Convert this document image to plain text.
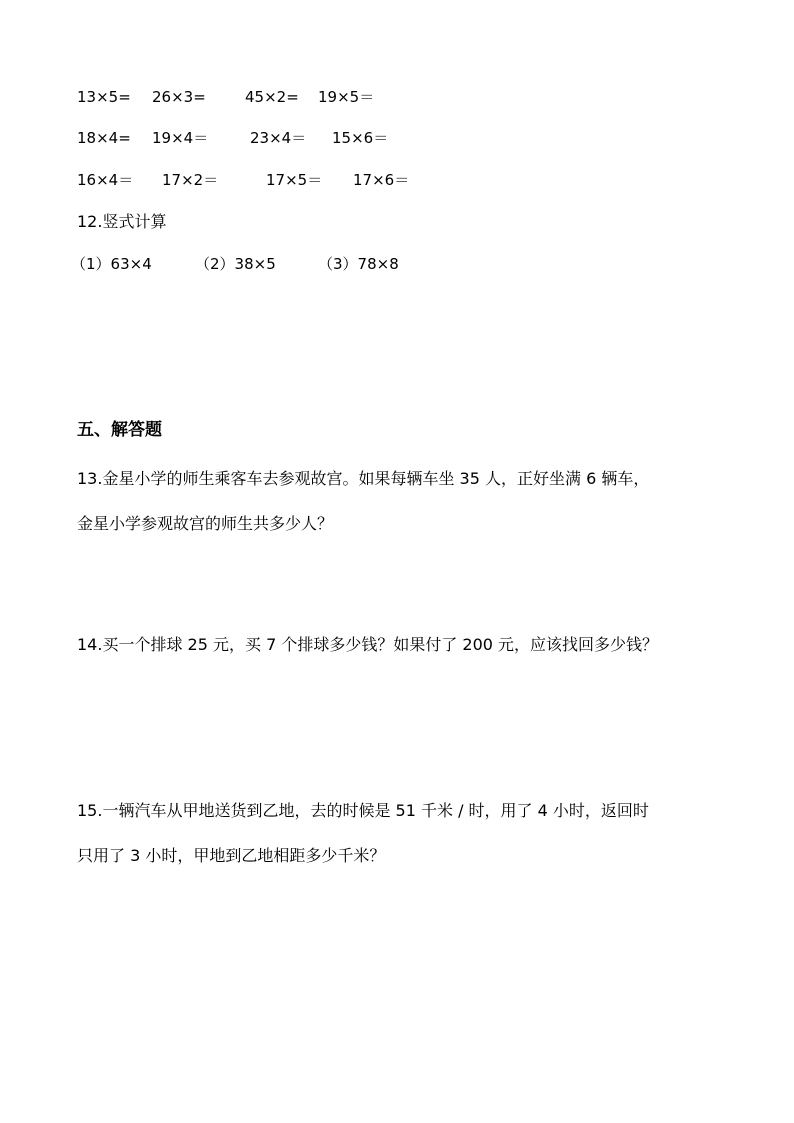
13×5= 26×3=	45×2= 19×5＝
18×4= 19×4＝	23×4＝ 15×6＝
16×4＝ 17×2＝	17×5＝ 17×6＝
12.竖式计算
（1）63×4	（2）38×5	（3）78×8
五、解答题
13.金星小学的师生乘客车去参观故宫。如果每辆车坐 35 人，正好坐满 6 辆车，
金星小学参观故宫的师生共多少人？
14.买一个排球 25 元，买 7 个排球多少钱？如果付了 200 元，应该找回多少钱？
15.一辆汽车从甲地送货到乙地，去的时候是 51 千米 / 时，用了 4 小时，返回时
只用了 3 小时，甲地到乙地相距多少千米？
